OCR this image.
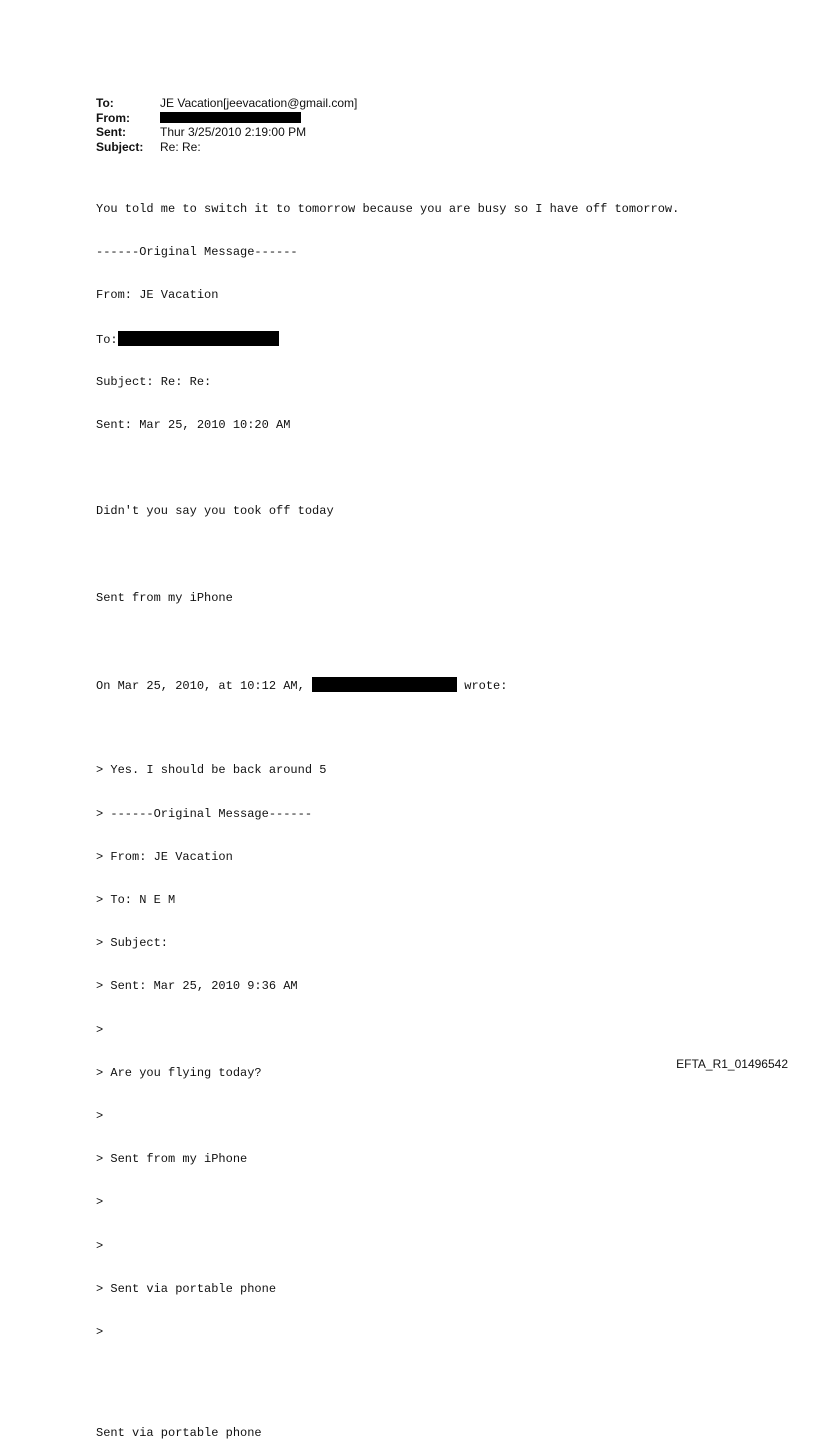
To:	JE Vacation[jeevacation@gmail.com]
From:
Sent:	Thur 3/25/2010 2:19:00 PM
Subject:	Re: Re:

You told me to switch it to tomorrow because you are busy so I have off tomorrow.

------Original Message------

From: JE Vacation

To:

Subject: Re: Re:

Sent: Mar 25, 2010 10:20 AM

Didn't you say you took off today

Sent from my iPhone

On Mar 25, 2010, at 10:12 AM,	wrote:

> Yes. I should be back around 5

> ------Original Message------

> From: JE Vacation

> To: N E M

> Subject:

> Sent: Mar 25, 2010 9:36 AM

>

> Are you flying today?

>

> Sent from my iPhone

>

>

> Sent via portable phone

>

Sent via portable phone

EFTA_R1_01496542
